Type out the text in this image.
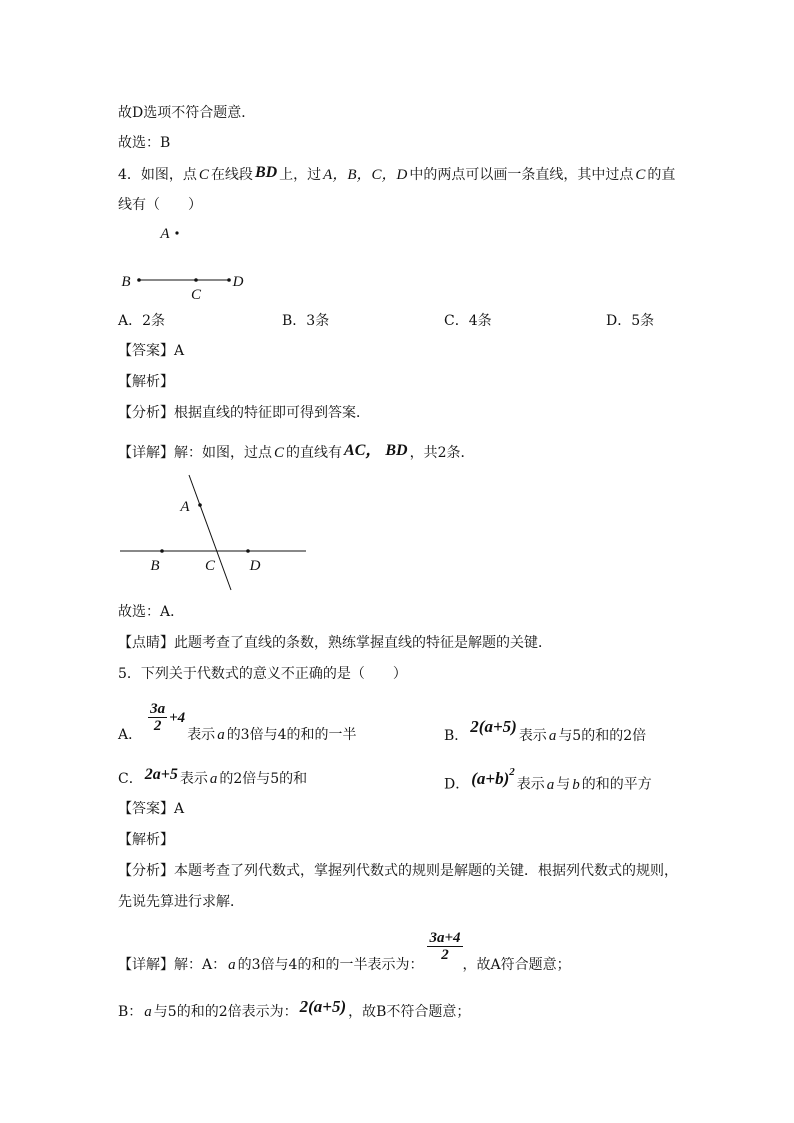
故D选项不符合题意．
故选：B
4．如图，点 C 在线段 BD 上，过 A，B，C，D 中的两点可以画一条直线，其中过点 C 的直
线有（　　）
A
B
C
D
A．2条	B．3条	C．4条	D．5条
【答案】A
【解析】
【分析】根据直线的特征即可得到答案．
【详解】解：如图，过点 C 的直线有 AC， BD ，共2条．
A
B	C D
故选：A．
【点睛】此题考查了直线的条数，熟练掌握直线的特征是解题的关键．
5．下列关于代数式的意义不正确的是（　　）
A．
$\frac{3a}{2} +4$
表示 a 的3倍与4的和的一半	B． 2(a+5) 表示 a 与5的和的2倍
C． 2a+5 表示 a 的2倍与5的和	D． $(a+b)^2$表示 a 与 b 的和的平方
【答案】A
【解析】
【分析】本题考查了列代数式，掌握列代数式的规则是解题的关键．根据列代数式的规则，
先说先算进行求解．
【详解】解：A： a 的3倍与4的和的一半表示为：
$\frac{3a+4}{2}$
，故A符合题意；
B： a 与5的和的2倍表示为： 2(a+5) ，故B不符合题意；
